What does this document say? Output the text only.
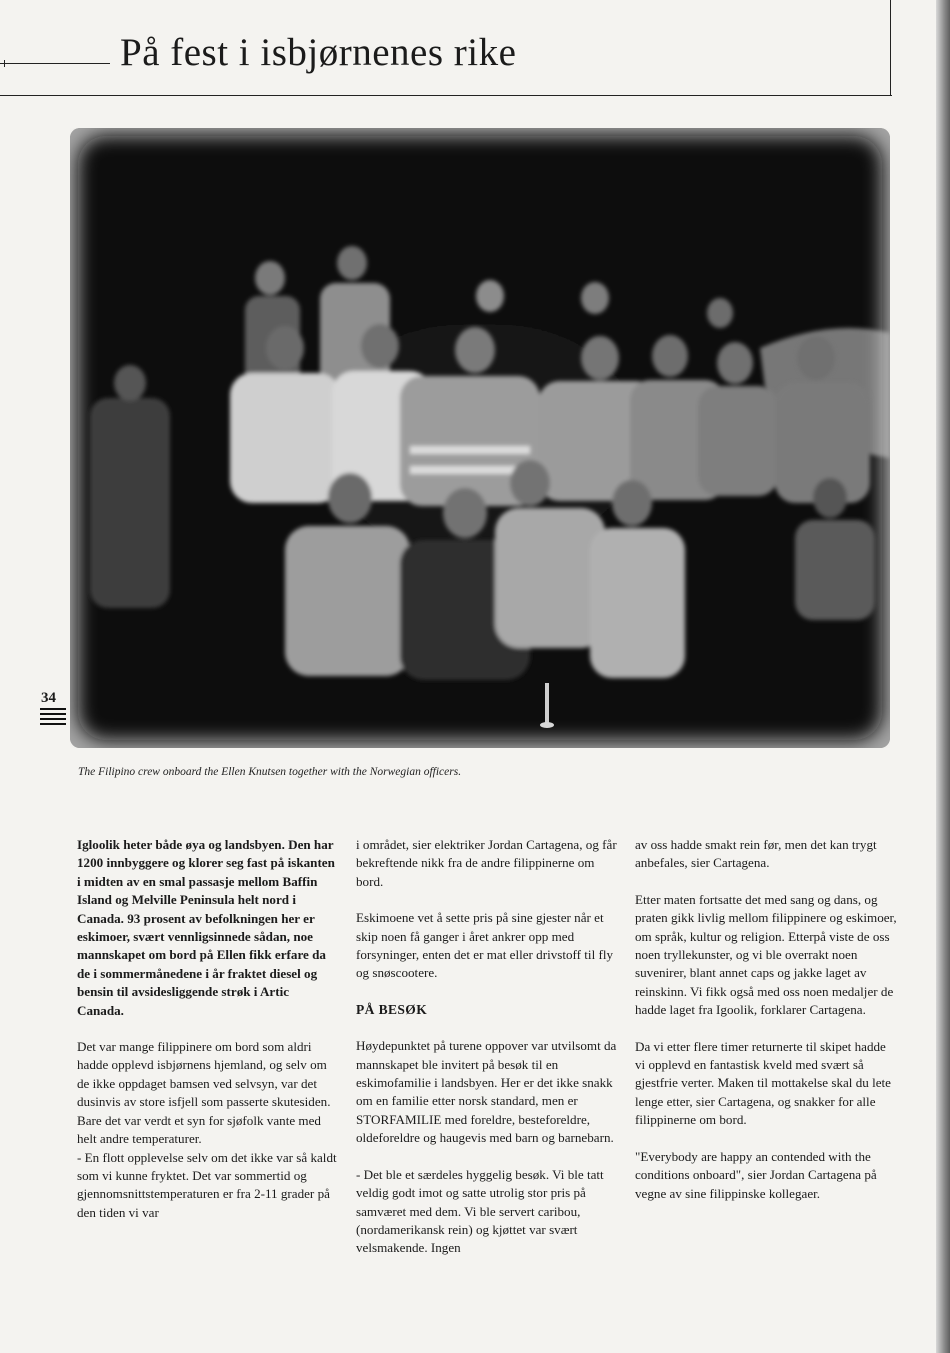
På fest i isbjørnenes rike
34
The Filipino crew onboard the Ellen Knutsen together with the Norwegian officers.

Igloolik heter både øya og landsbyen. Den har 1200 innbyggere og klorer seg fast på iskanten i midten av en smal passasje mellom Baffin Island og Melville Peninsula helt nord i Canada. 93 prosent av befolkningen her er eskimoer, svært vennligsinnede sådan, noe mannskapet om bord på Ellen fikk erfare da de i sommermånedene i år fraktet diesel og bensin til avsidesliggende strøk i Artic Canada.

Det var mange filippinere om bord som aldri hadde opplevd isbjørnens hjemland, og selv om de ikke oppdaget bamsen ved selvsyn, var det dusinvis av store isfjell som passerte skutesiden. Bare det var verdt et syn for sjøfolk vante med helt andre temperaturer.

- En flott opplevelse selv om det ikke var så kaldt som vi kunne fryktet. Det var sommertid og gjennomsnittstemperaturen er fra 2-11 grader på den tiden vi var

i området, sier elektriker Jordan Cartagena, og får bekreftende nikk fra de andre filippinerne om bord.

Eskimoene vet å sette pris på sine gjester når et skip noen få ganger i året ankrer opp med forsyninger, enten det er mat eller drivstoff til fly og snøscootere.

PÅ BESØK

Høydepunktet på turene oppover var utvilsomt da mannskapet ble invitert på besøk til en eskimofamilie i landsbyen. Her er det ikke snakk om en familie etter norsk standard, men er STORFAMILIE med foreldre, besteforeldre, oldeforeldre og haugevis med barn og barnebarn.

- Det ble et særdeles hyggelig besøk. Vi ble tatt veldig godt imot og satte utrolig stor pris på samværet med dem. Vi ble servert caribou, (nordamerikansk rein) og kjøttet var svært velsmakende. Ingen

av oss hadde smakt rein før, men det kan trygt anbefales, sier Cartagena.

Etter maten fortsatte det med sang og dans, og praten gikk livlig mellom filippinere og eskimoer, om språk, kultur og religion. Etterpå viste de oss noen tryllekunster, og vi ble overrakt noen suvenirer, blant annet caps og jakke laget av reinskinn. Vi fikk også med oss noen medaljer de hadde laget fra Igoolik, forklarer Cartagena.

Da vi etter flere timer returnerte til skipet hadde vi opplevd en fantastisk kveld med svært så gjestfrie verter. Maken til mottakelse skal du lete lenge etter, sier Cartagena, og snakker for alle filippinerne om bord.

"Everybody are happy an contended with the conditions onboard", sier Jordan Cartagena på vegne av sine filippinske kollegaer.
